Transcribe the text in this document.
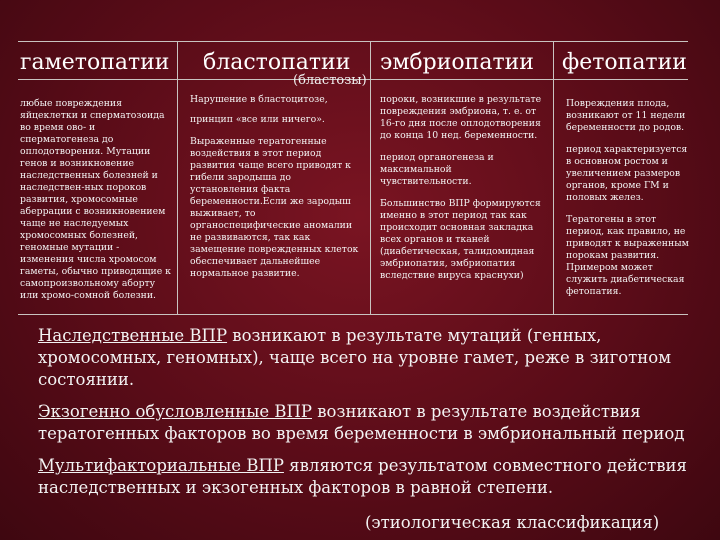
гаметопатии бластопатии
(бластозы)
эмбриопатии фетопатии

любые повреждения яйцеклетки и сперматозоида во время ово- и сперматогенеза до оплодотворения. Мутации генов и возникновение наследственных болезней и наследствен-ных пороков развития, хромосомные аберрации с возникновением чаще не наследуемых хромосомных болезней, геномные мутации - изменения числа хромосом гаметы, обычно приводящие к самопроизвольному аборту или хромо-сомной болезни.

Нарушение в бластоцитозе,

принцип «все или ничего».

Выраженные тератогенные воздействия в этот период развития чаще всего приводят к гибели зародыша до установления факта беременности.Если же зародыш выживает, то органоспецифические аномалии не развиваются, так как замещение поврежденных клеток обеспечивает дальнейшее нормальное развитие.

пороки, возникшие в результате повреждения эмбриона, т. е. от 16-го дня после оплодотворения до конца 10 нед. беременности.

период органогенеза и максимальной чувствительности.

Большинство ВПР формируются именно в этот период так как происходит основная закладка всех органов и тканей (диабетическая, талидомидная эмбриопатия, эмбриопатия вследствие вируса краснухи)

Повреждения плода, возникают от 11 недели беременности до родов.

период характеризуется в основном ростом и увеличением размеров органов, кроме ГМ и половых желез.

Тератогены в этот период, как правило, не приводят к выраженным порокам развития. Примером может служить диабетическая фетопатия.

Наследственные ВПР возникают в результате мутаций (генных, хромосомных, геномных), чаще всего на уровне гамет, реже в зиготном состоянии.
Экзогенно обусловленные ВПР возникают в результате воздействия тератогенных факторов во время беременности в эмбриональный период
Мультифакториальные ВПР являются результатом совместного действия наследственных и экзогенных факторов в равной степени.
(этиологическая классификация)
